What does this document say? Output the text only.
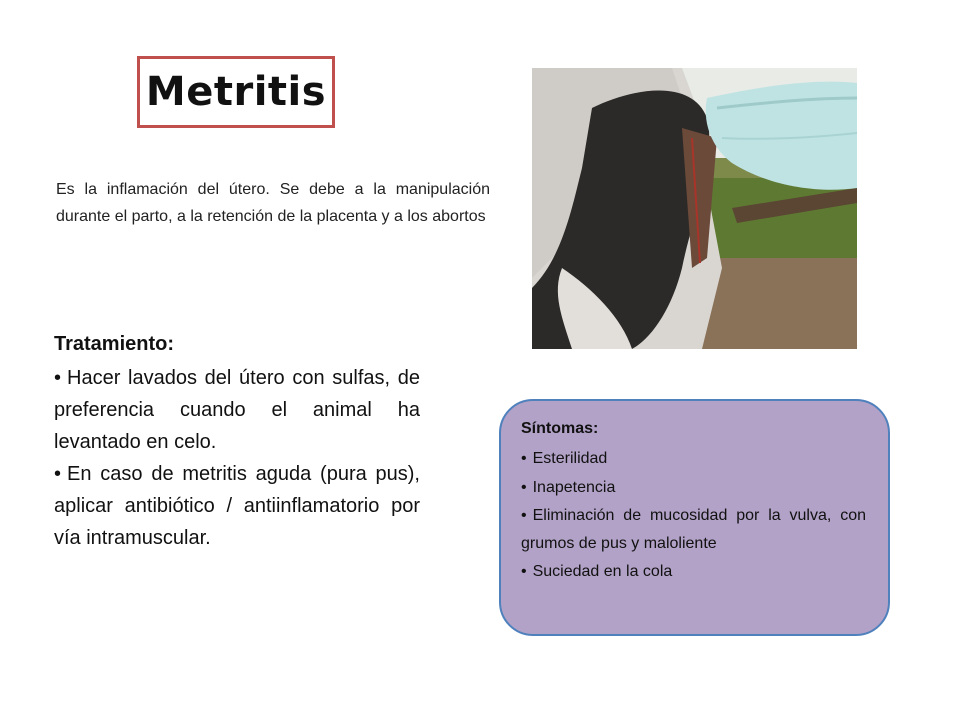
Metritis
Es la inflamación del útero. Se debe a la manipulación durante el parto, a la retención de la placenta y a los abortos
Tratamiento:

• Hacer lavados del útero con sulfas, de preferencia cuando el animal ha levantado en celo.

• En caso de metritis aguda (pura pus), aplicar antibiótico / antiinflamatorio por vía intramuscular.

Síntomas:

• Esterilidad

• Inapetencia

• Eliminación de mucosidad por la vulva, con grumos de pus y maloliente

• Suciedad en la cola
